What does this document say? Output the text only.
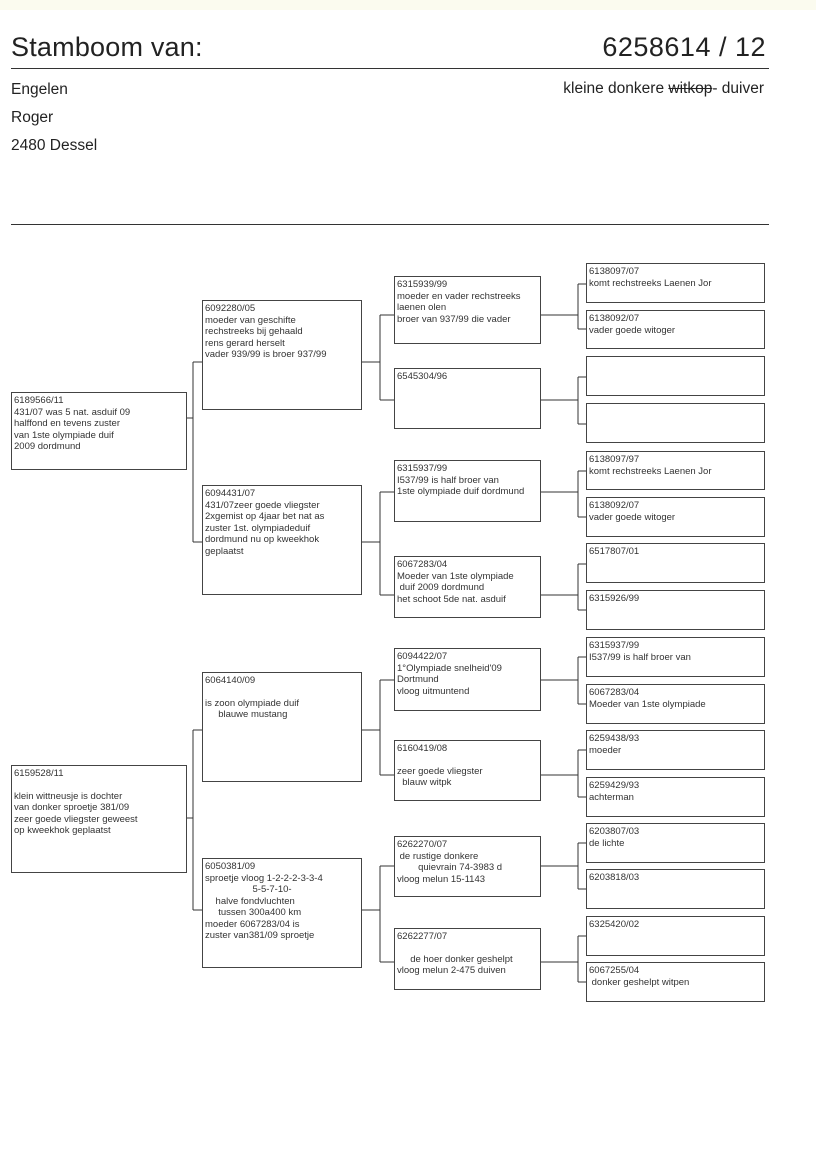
Stamboom van:	6258614 / 12
Engelen
Roger
2480 Dessel
kleine donkere witkop- duiver
6189566/11
431/07 was 5 nat. asduif 09
halffond en tevens zuster
van 1ste olympiade duif
2009 dordmund
6159528/11
klein wittneusje is dochter
van donker sproetje 381/09
zeer goede vliegster geweest
op kweekhok geplaatst
6092280/05
moeder van geschifte
rechstreeks bij gehaald
rens gerard herselt
vader 939/99 is broer 937/99
6094431/07
431/07zeer goede vliegster
2xgemist op 4jaar bet nat as
zuster 1st. olympiadeduif
dordmund nu op kweekhok
geplaatst
6064140/09
is zoon olympiade duif
blauwe mustang
6050381/09
sproetje vloog 1-2-2-2-3-3-4
5-5-7-10-
halve fondvluchten
tussen 300a400 km
moeder 6067283/04 is
zuster van381/09 sproetje
6315939/99
moeder en vader rechstreeks
laenen olen
broer van 937/99 die vader
6545304/96
6315937/99
I537/99 is half broer van
1ste olympiade duif dordmund
6067283/04
Moeder van 1ste olympiade
duif 2009 dordmund
het schoot 5de nat. asduif
6094422/07
1°Olympiade snelheid'09
Dortmund
vloog uitmuntend
6160419/08
zeer goede vliegster
blauw witpk
6262270/07
de rustige donkere
quievrain 74-3983 d
vloog melun 15-1143
6262277/07
de hoer donker geshelpt
vloog melun 2-475 duiven
6138097/07
komt rechstreeks Laenen Jor
6138092/07
vader goede witoger
6138097/97
komt rechstreeks Laenen Jor
6138092/07
vader goede witoger
6517807/01
6315926/99
6315937/99
I537/99 is half broer van
6067283/04
Moeder van 1ste olympiade
6259438/93
moeder
6259429/93
achterman
6203807/03
de lichte
6203818/03
6325420/02
6067255/04
donker geshelpt witpen
